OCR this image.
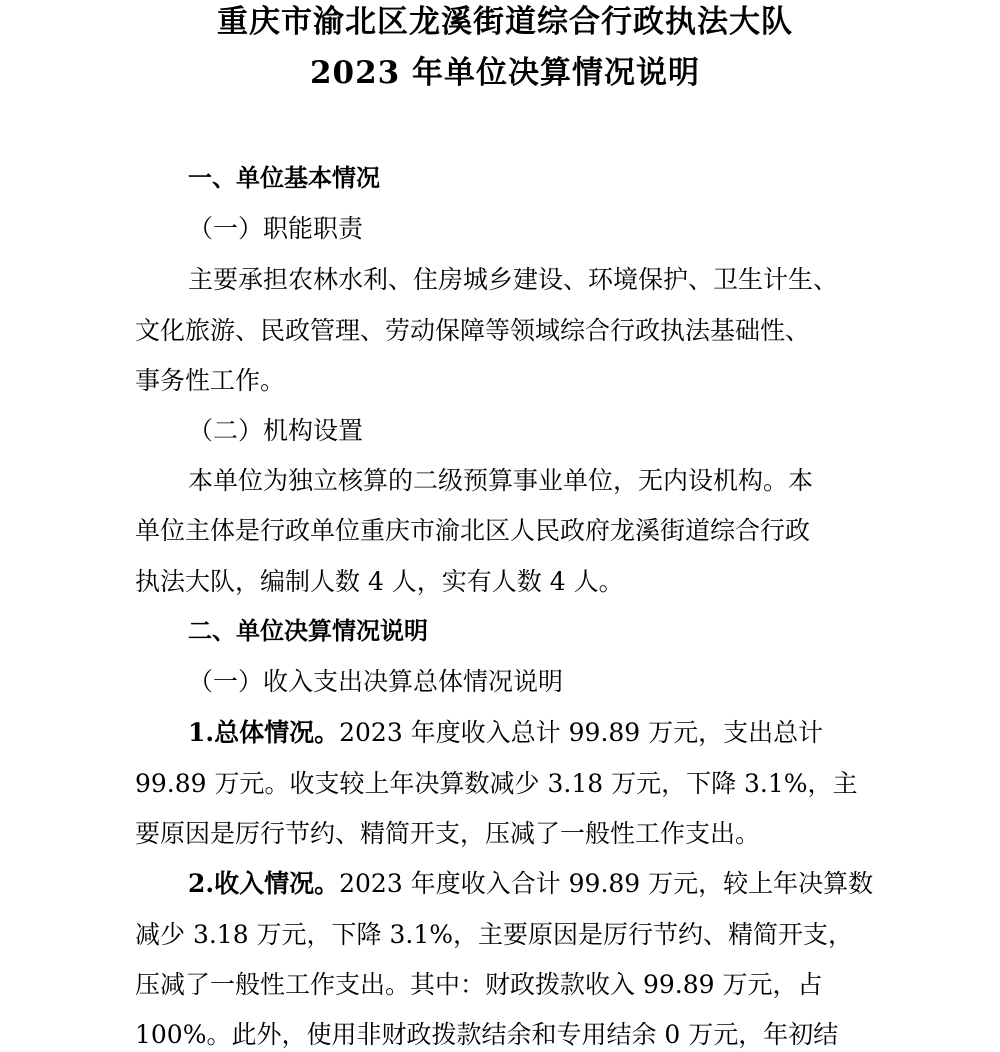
重庆市渝北区龙溪街道综合行政执法大队
2023 年单位决算情况说明
一、单位基本情况
（一）职能职责
主要承担农林水利、住房城乡建设、环境保护、卫生计生、
文化旅游、民政管理、劳动保障等领域综合行政执法基础性、
事务性工作。
（二）机构设置
本单位为独立核算的二级预算事业单位，无内设机构。本
单位主体是行政单位重庆市渝北区人民政府龙溪街道综合行政
执法大队，编制人数 4 人，实有人数 4 人。
二、单位决算情况说明
（一）收入支出决算总体情况说明
1.总体情况。2023 年度收入总计 99.89 万元，支出总计
99.89 万元。收支较上年决算数减少 3.18 万元，下降 3.1%，主
要原因是厉行节约、精简开支，压减了一般性工作支出。
2.收入情况。2023 年度收入合计 99.89 万元，较上年决算数
减少 3.18 万元，下降 3.1%，主要原因是厉行节约、精简开支，
压减了一般性工作支出。其中：财政拨款收入 99.89 万元，占
100%。此外，使用非财政拨款结余和专用结余 0 万元，年初结
